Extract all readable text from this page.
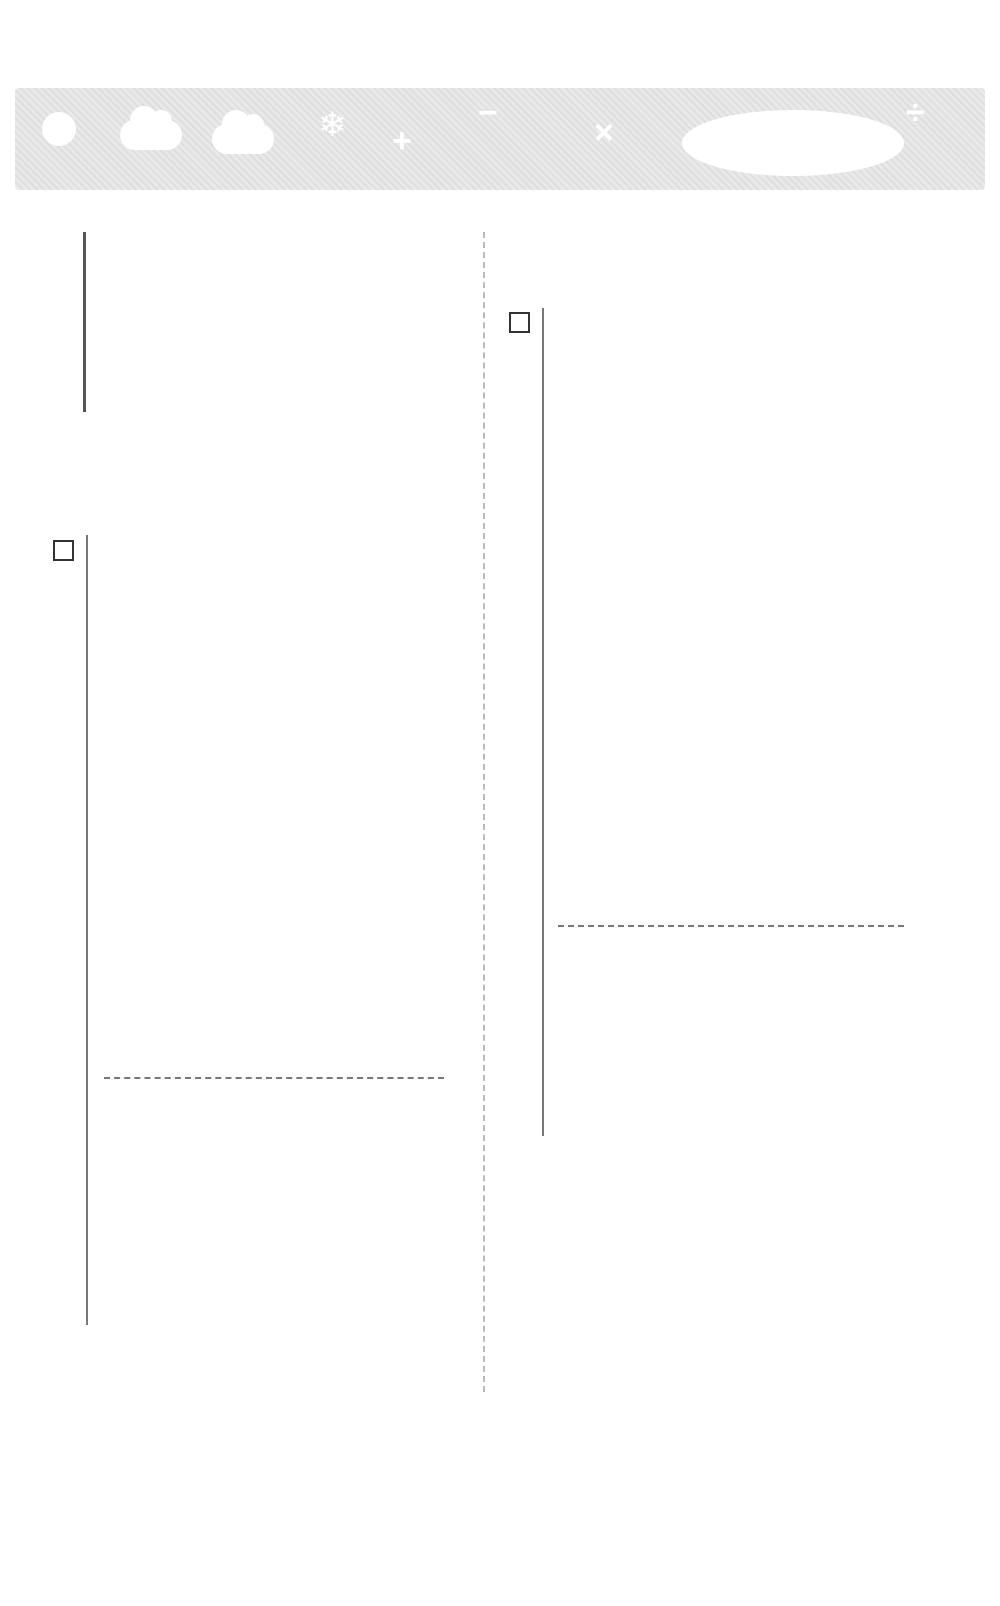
❄ +
−
×
÷
